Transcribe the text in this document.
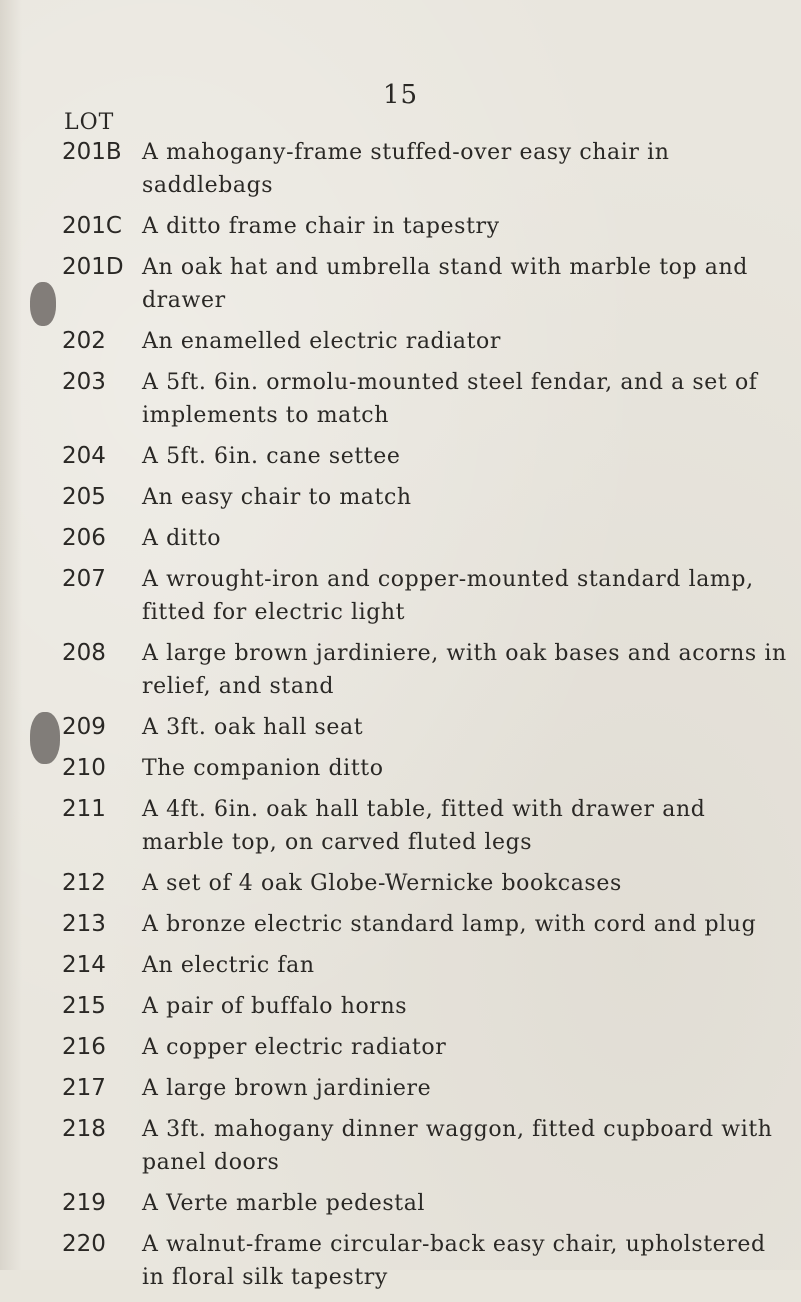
15
LOT
201B A mahogany-frame stuffed-over easy chair in saddlebags
201C A ditto frame chair in tapestry
201D An oak hat and umbrella stand with marble top and drawer
202	An enamelled electric radiator
203	A 5ft. 6in. ormolu-mounted steel fendar, and a set of implements to match
204	A 5ft. 6in. cane settee
205	An easy chair to match
206	A ditto
207	A wrought-iron and copper-mounted standard lamp, fitted for electric light
208	A large brown jardiniere, with oak bases and acorns in relief, and stand
209	A 3ft. oak hall seat
210	The companion ditto
211	A 4ft. 6in. oak hall table, fitted with drawer and marble top, on carved fluted legs
212	A set of 4 oak Globe-Wernicke bookcases
213	A bronze electric standard lamp, with cord and plug
214	An electric fan
215	A pair of buffalo horns
216	A copper electric radiator
217	A large brown jardiniere
218	A 3ft. mahogany dinner waggon, fitted cupboard with panel doors
219	A Verte marble pedestal
220	A walnut-frame circular-back easy chair, upholstered in floral silk tapestry
